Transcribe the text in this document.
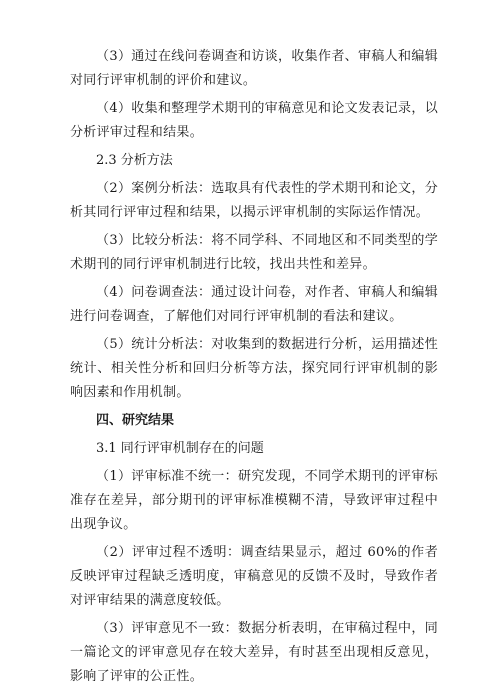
（3）通过在线问卷调查和访谈，收集作者、审稿人和编辑对同行评审机制的评价和建议。

（4）收集和整理学术期刊的审稿意见和论文发表记录，以分析评审过程和结果。

2.3 分析方法

（2）案例分析法：选取具有代表性的学术期刊和论文，分析其同行评审过程和结果，以揭示评审机制的实际运作情况。

（3）比较分析法：将不同学科、不同地区和不同类型的学术期刊的同行评审机制进行比较，找出共性和差异。

（4）问卷调查法：通过设计问卷，对作者、审稿人和编辑进行问卷调查，了解他们对同行评审机制的看法和建议。

（5）统计分析法：对收集到的数据进行分析，运用描述性统计、相关性分析和回归分析等方法，探究同行评审机制的影响因素和作用机制。

四、研究结果

3.1 同行评审机制存在的问题

（1）评审标准不统一：研究发现，不同学术期刊的评审标准存在差异，部分期刊的评审标准模糊不清，导致评审过程中出现争议。

（2）评审过程不透明：调查结果显示，超过 60%的作者反映评审过程缺乏透明度，审稿意见的反馈不及时，导致作者对评审结果的满意度较低。

（3）评审意见不一致：数据分析表明，在审稿过程中，同一篇论文的评审意见存在较大差异，有时甚至出现相反意见，影响了评审的公正性。
